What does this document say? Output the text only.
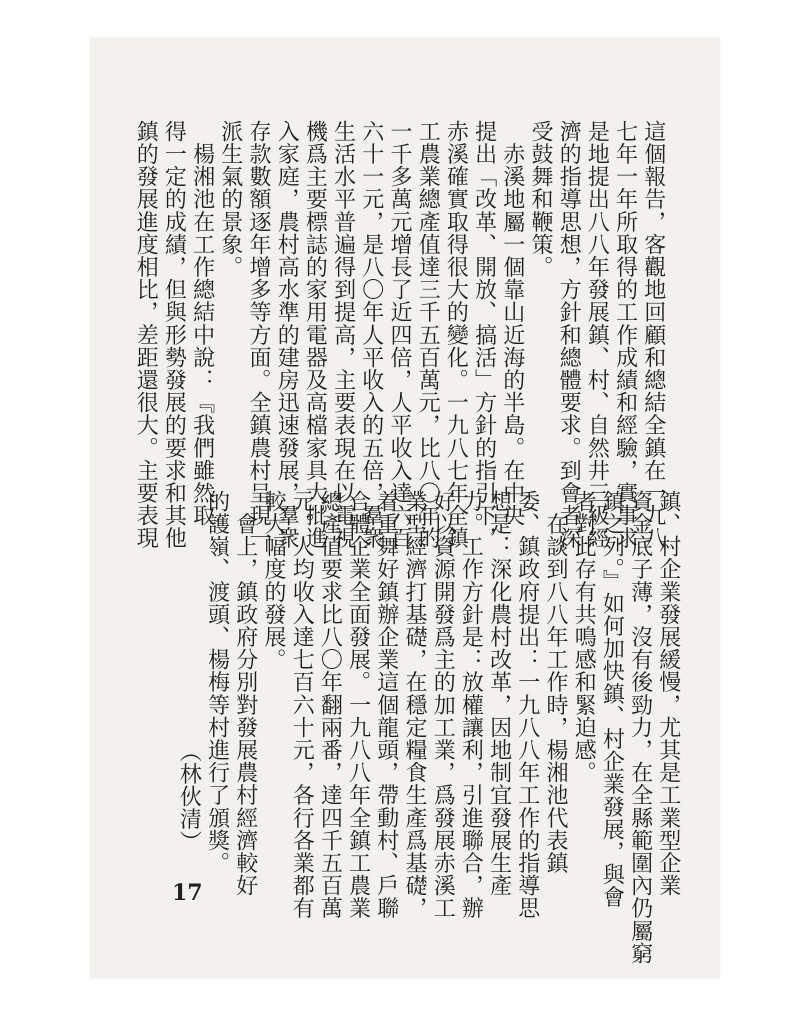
這個報告，客觀地回顧和總結全鎮在一九八
七年一年所取得的工作成績和經驗，實事求
是地提出八八年發展鎮、村、自然井三級經
濟的指導思想，方針和總體要求。到會者深
受鼓舞和鞭策。
　赤溪地屬一個靠山近海的半島。在中央
提出「改革、開放、搞活」方針的指引下，
赤溪確實取得很大的變化。一九八七年全鎮
工農業總產值達三千五百萬元，比八〇年的
一千多萬元增長了近四倍，人平收入達六百
六十一元，是八〇年人平收入的五倍，羣衆
生活水平普遍得到提高，主要表現在以電視
機爲主要標誌的家用電器及高檔家具大批進
入家庭，農村高水準的建房迅速發展，羣衆
存款數額逐年增多等方面。全鎮農村呈現一
派生氣的景象。
　楊湘池在工作總結中說：『我們雖然取
得一定的成績，但與形勢發展的要求和其他
鎮的發展進度相比，差距還很大。主要表現
鎮、村企業發展緩慢，尤其是工業型企業
資金底子薄，沒有後勁力，在全縣範圍內仍屬窮
鎮之列。』如何加快鎮、村企業發展，與會
者對此存有共鳴感和緊迫感。
　在談到八八年工作時，楊湘池代表鎮
委、鎮政府提出：一九八八年工作的指導思
想是：深化農村改革，因地制宜發展生產
力。工作方針是：放權讓利，引進聯合，辦
好以資源開發爲主的加工業，爲發展赤溪工
業型經濟打基礎，在穩定糧食生產爲基礎，
着重舞好鎮辦企業這個龍頭，帶動村、戶聯
合體企業全面發展。一九八八年全鎮工農業
總產值要求比八〇年翻兩番，達四千五百萬
元。人均收入達七百六十元，各行各業都有
較大幅度的發展。
　會上，鎮政府分別對發展農村經濟較好
的護嶺、渡頭、楊梅等村進行了頒獎。
（林伙清）
17
